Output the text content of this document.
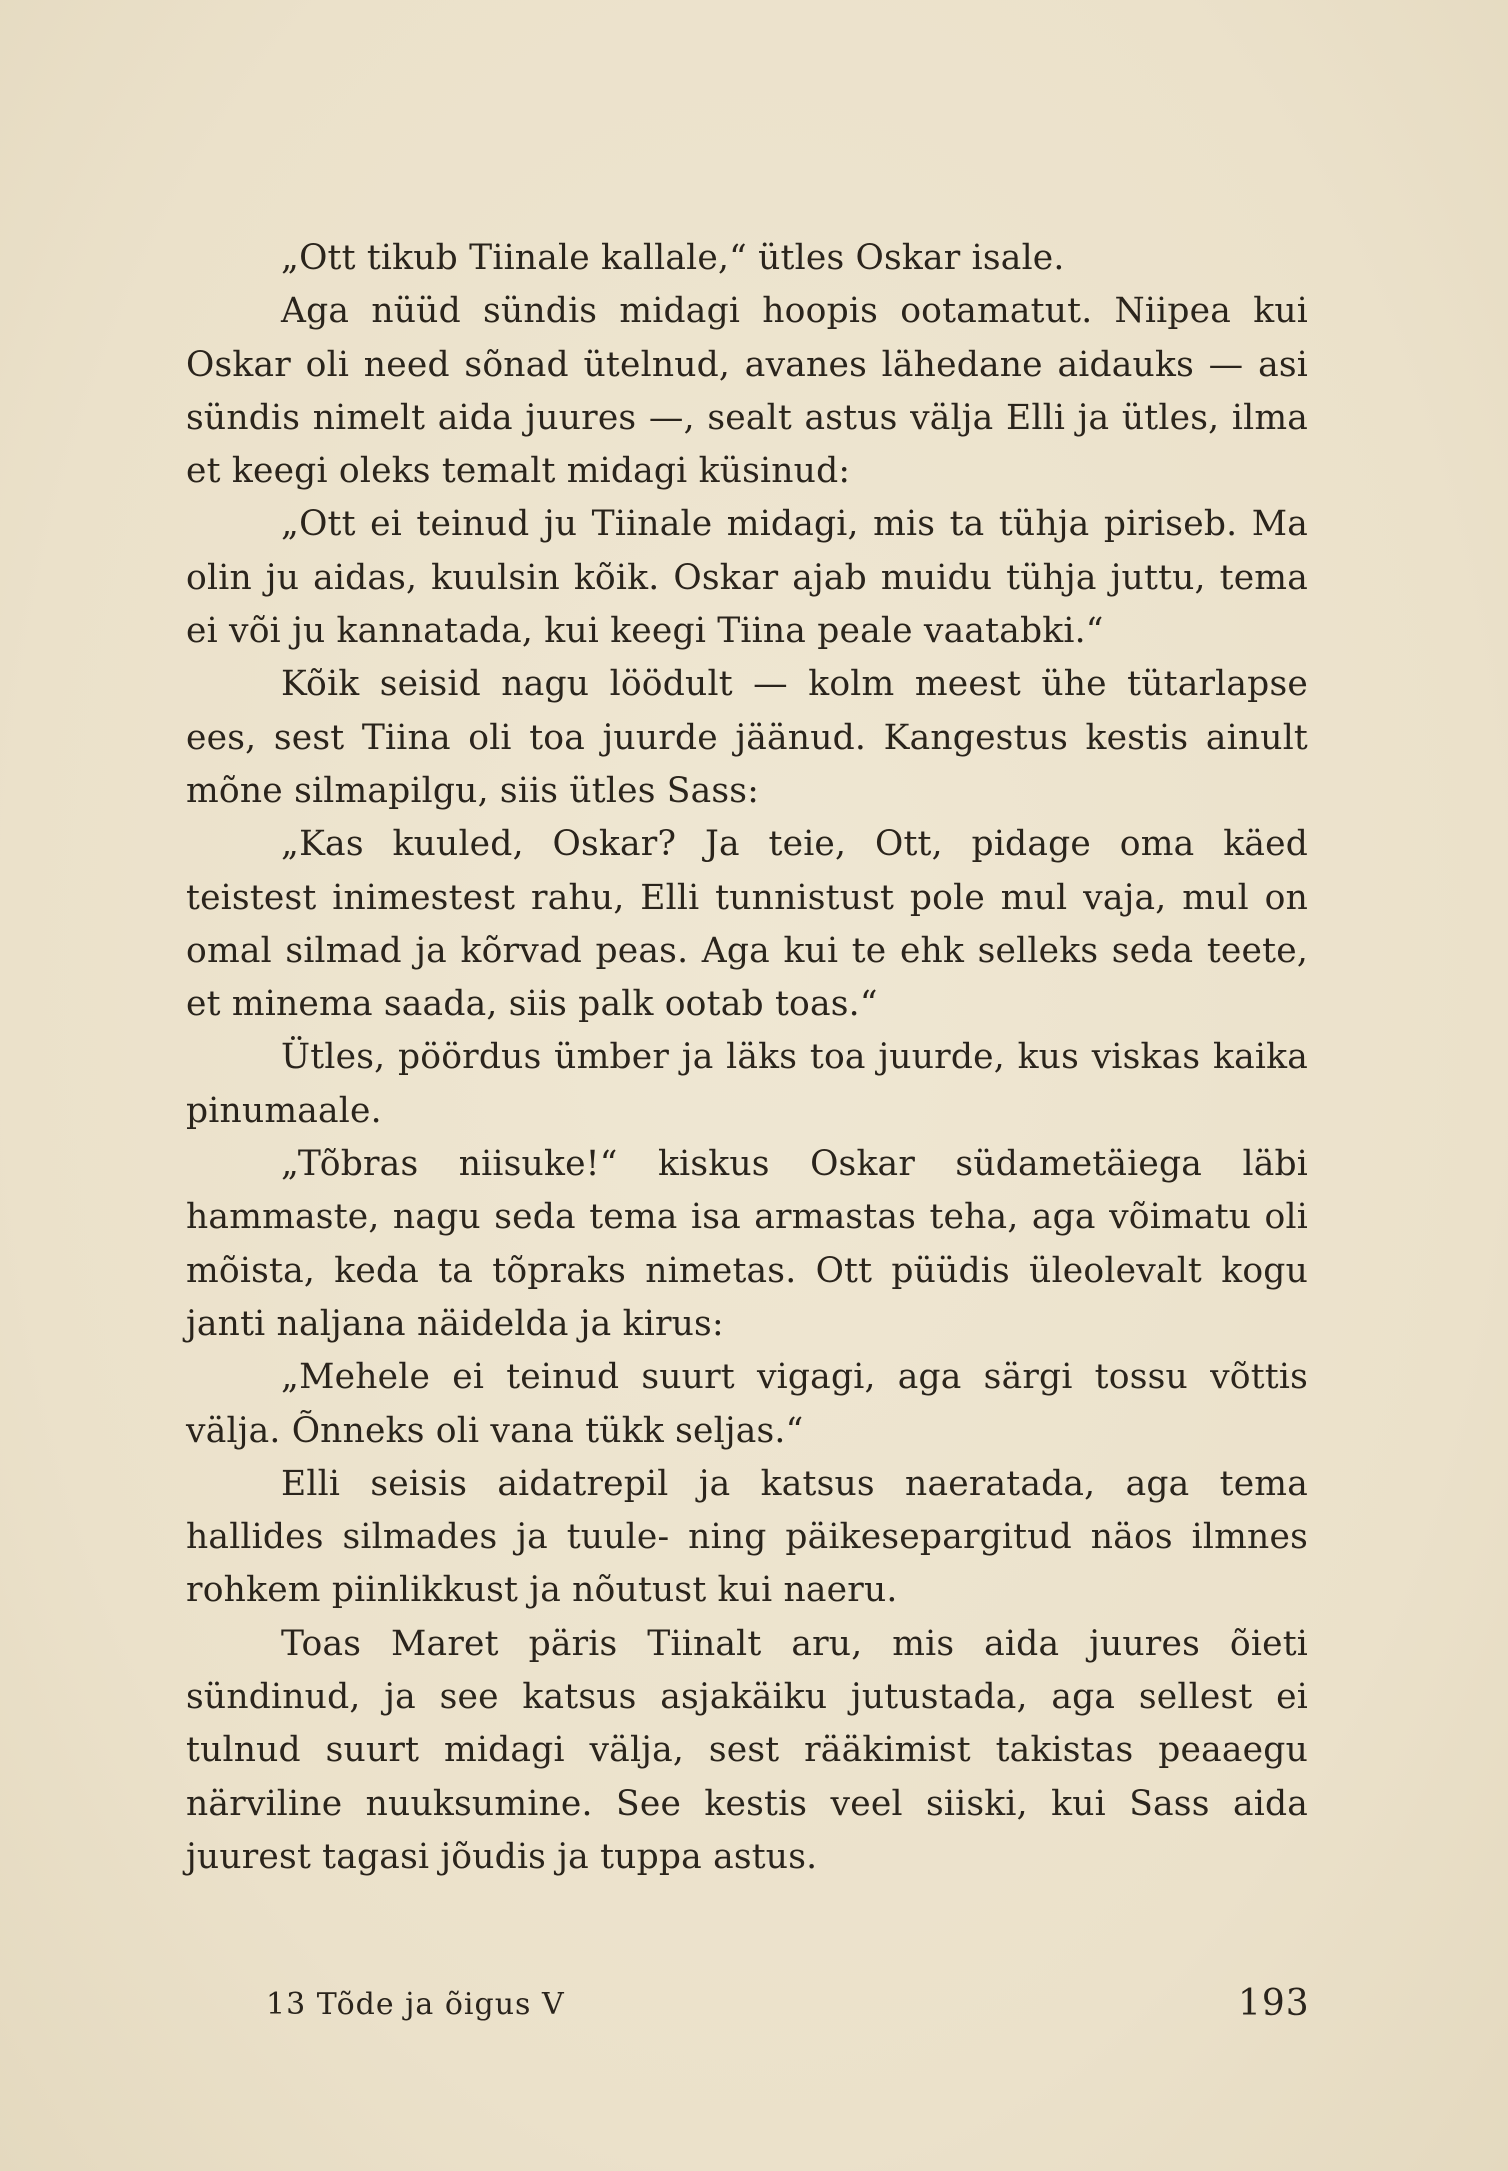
„Ott tikub Tiinale kallale,“ ütles Oskar isale.

Aga nüüd sündis midagi hoopis ootamatut. Niipea kui Oskar oli need sõnad ütelnud, avanes lähedane aidauks — asi sündis nimelt aida juures —, sealt astus välja Elli ja ütles, ilma et keegi oleks temalt midagi küsinud:

„Ott ei teinud ju Tiinale midagi, mis ta tühja piriseb. Ma olin ju aidas, kuulsin kõik. Oskar ajab muidu tühja juttu, tema ei või ju kannatada, kui keegi Tiina peale vaatabki.“

Kõik seisid nagu löödult — kolm meest ühe tütarlapse ees, sest Tiina oli toa juurde jäänud. Kangestus kestis ainult mõne silmapilgu, siis ütles Sass:

„Kas kuuled, Oskar? Ja teie, Ott, pidage oma käed teistest inimestest rahu, Elli tunnistust pole mul vaja, mul on omal silmad ja kõrvad peas. Aga kui te ehk selleks seda teete, et minema saada, siis palk ootab toas.“

Ütles, pöördus ümber ja läks toa juurde, kus viskas kaika pinumaale.

„Tõbras niisuke!“ kiskus Oskar südametäiega läbi hammaste, nagu seda tema isa armastas teha, aga võimatu oli mõista, keda ta tõpraks nimetas. Ott püüdis üleolevalt kogu janti naljana näidelda ja kirus:

„Mehele ei teinud suurt vigagi, aga särgi tossu võttis välja. Õnneks oli vana tükk seljas.“

Elli seisis aidatrepil ja katsus naeratada, aga tema hallides silmades ja tuule- ning päikesepargitud näos ilmnes rohkem piinlikkust ja nõutust kui naeru.

Toas Maret päris Tiinalt aru, mis aida juures õieti sündinud, ja see katsus asjakäiku jutustada, aga sellest ei tulnud suurt midagi välja, sest rääkimist takistas peaaegu närviline nuuksumine. See kestis veel siiski, kui Sass aida juurest tagasi jõudis ja tuppa astus.

13 Tõde ja õigus V	193
